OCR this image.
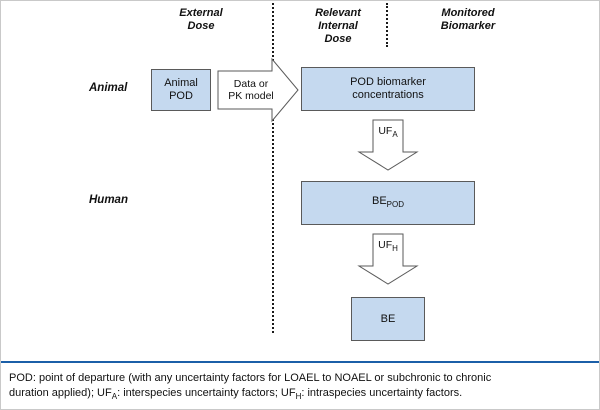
External
Dose
Relevant
Internal
Dose
Monitored
Biomarker
Animal
Human
Animal
POD
Data or
PK model
POD biomarker
concentrations
$UF_A$
$BE_{POD}$
$UF_H$
BE
POD: point of departure (with any uncertainty factors for LOAEL to NOAEL or subchronic to chronic
duration applied); $UF_A$: interspecies uncertainty factors; $UF_H$: intraspecies uncertainty factors.
